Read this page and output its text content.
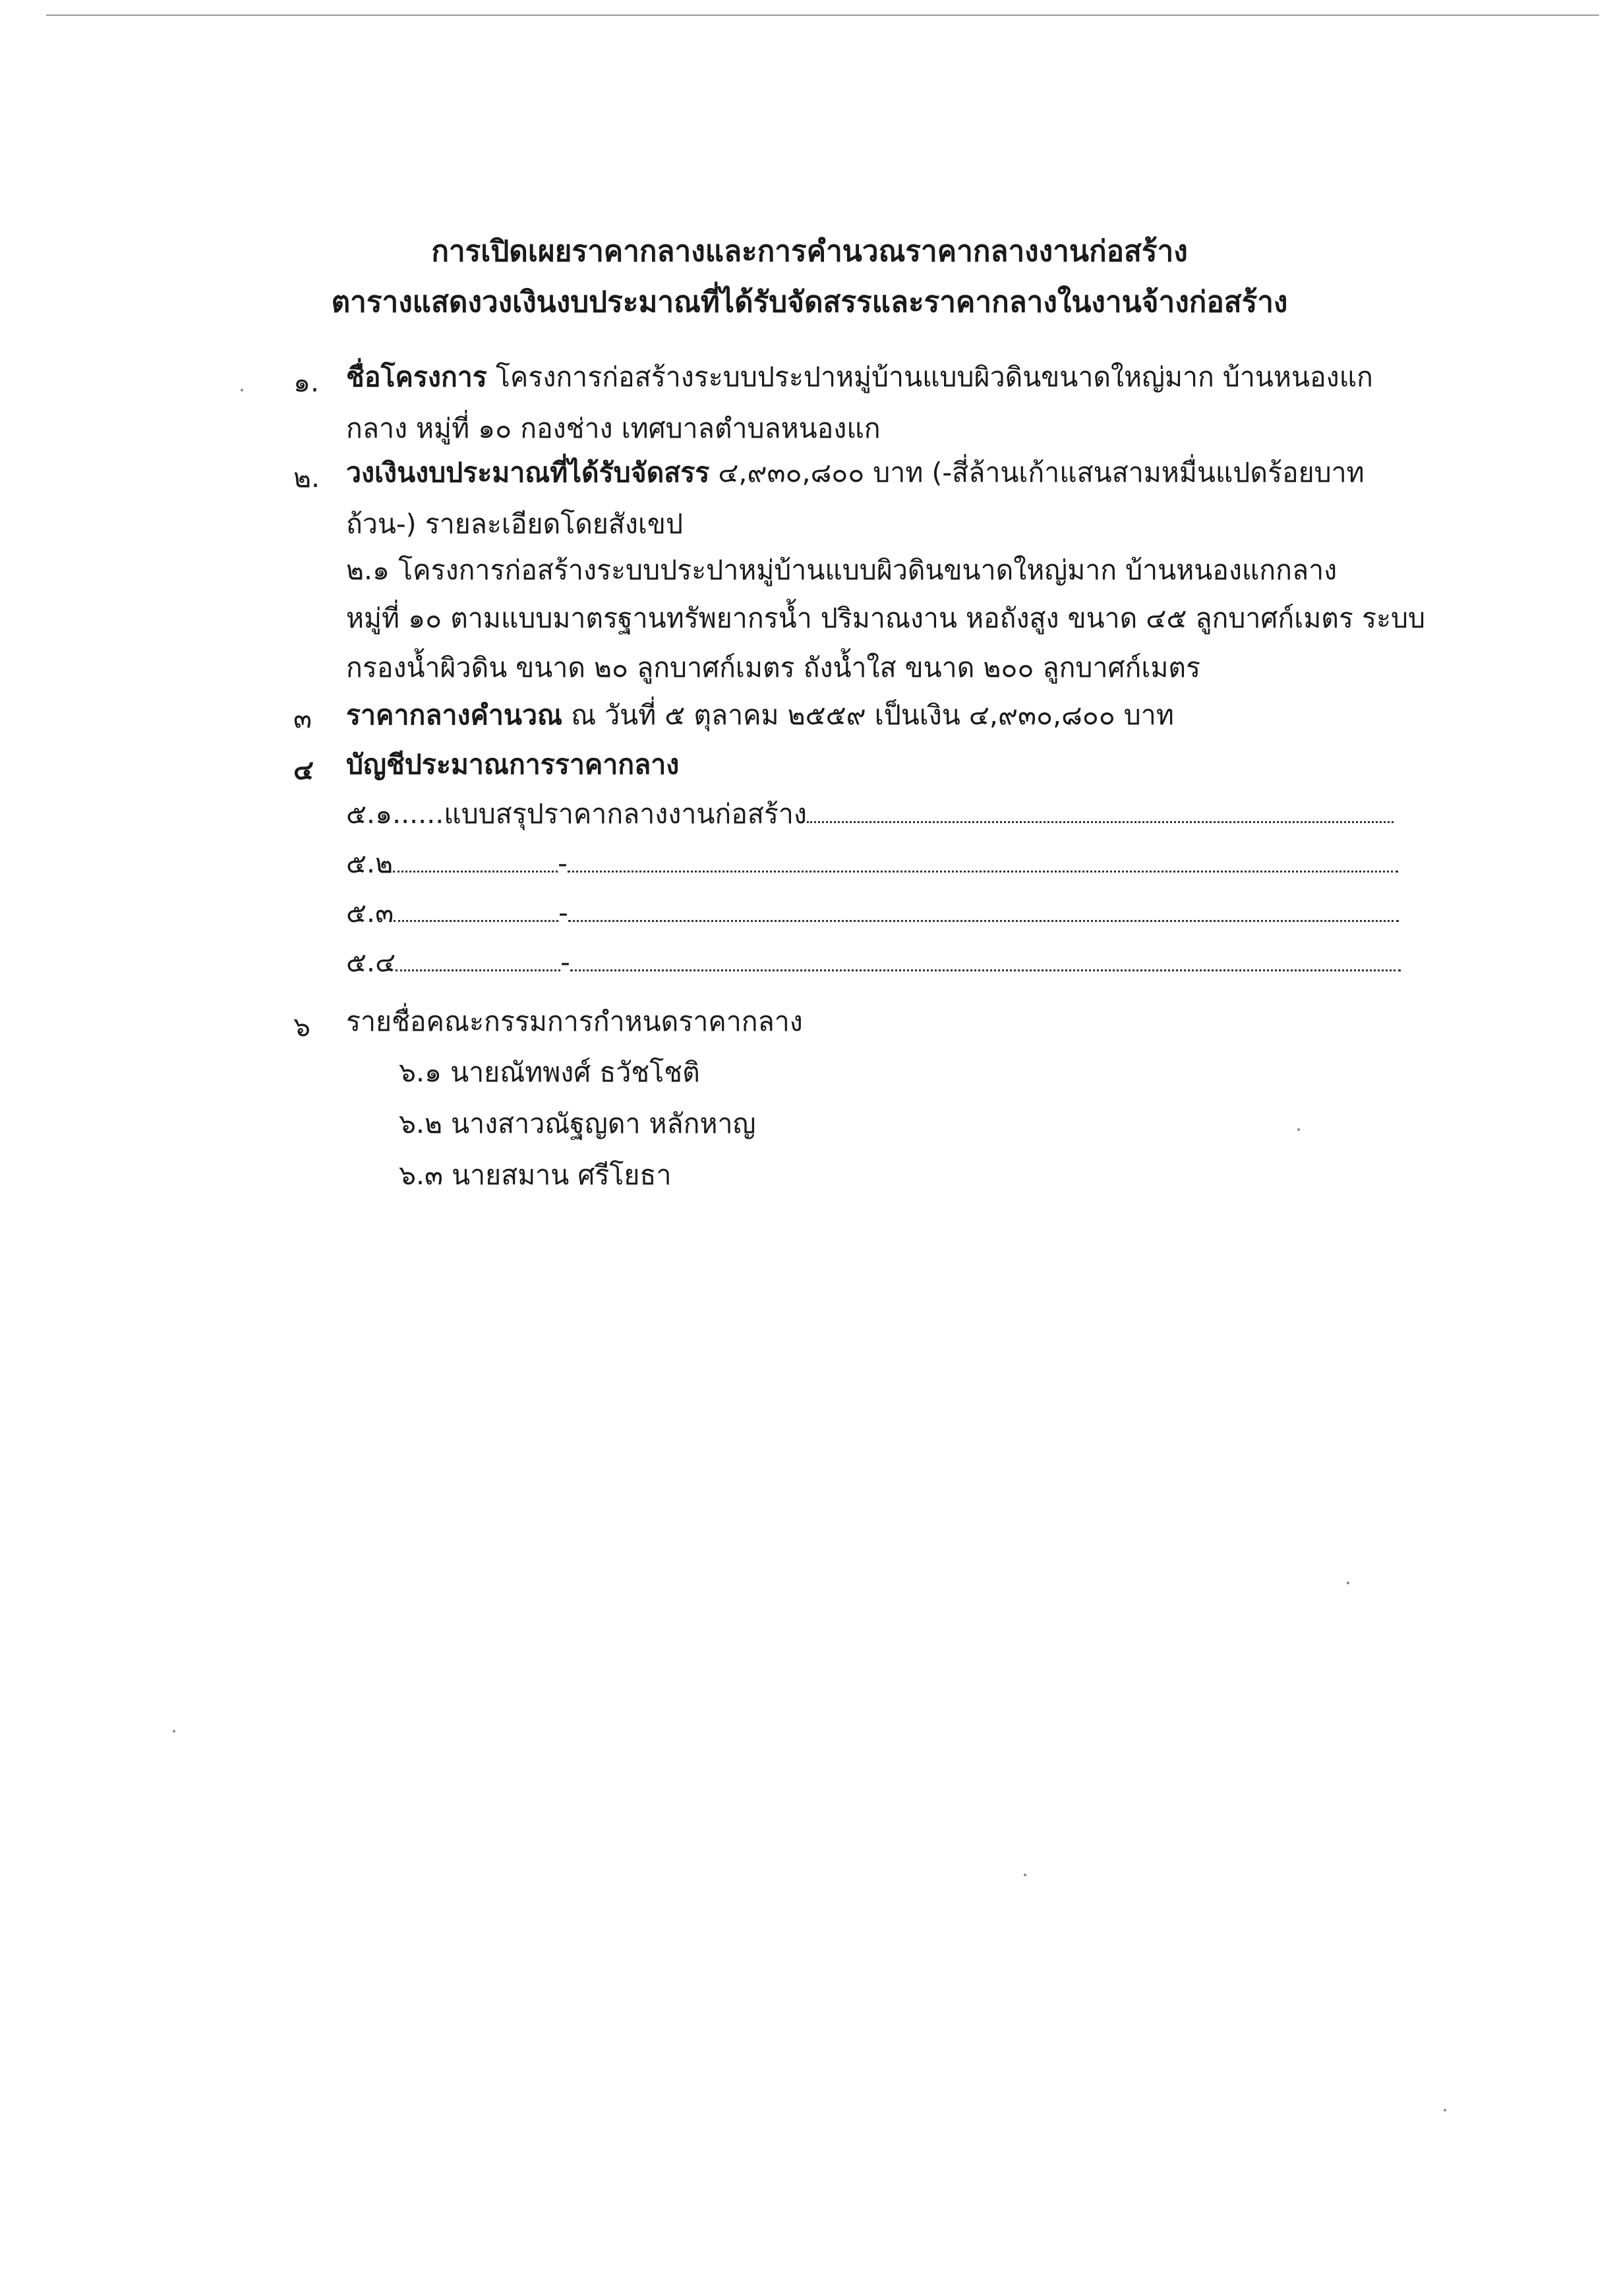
การเปิดเผยราคากลางและการคำนวณราคากลางงานก่อสร้าง
ตารางแสดงวงเงินงบประมาณที่ได้รับจัดสรรและราคากลางในงานจ้างก่อสร้าง
๑. ชื่อโครงการ โครงการก่อสร้างระบบประปาหมู่บ้านแบบผิวดินขนาดใหญ่มาก บ้านหนองแก
กลาง หมู่ที่ ๑๐ กองช่าง เทศบาลตำบลหนองแก
๒. วงเงินงบประมาณที่ได้รับจัดสรร ๔,๙๓๐,๘๐๐ บาท (-สี่ล้านเก้าแสนสามหมื่นแปดร้อยบาท
ถ้วน-) รายละเอียดโดยสังเขป
๒.๑ โครงการก่อสร้างระบบประปาหมู่บ้านแบบผิวดินขนาดใหญ่มาก บ้านหนองแกกลาง
หมู่ที่ ๑๐ ตามแบบมาตรฐานทรัพยากรน้ำ ปริมาณงาน หอถังสูง ขนาด ๔๕ ลูกบาศก์เมตร ระบบ
กรองน้ำผิวดิน ขนาด ๒๐ ลูกบาศก์เมตร ถังน้ำใส ขนาด ๒๐๐ ลูกบาศก์เมตร
๓ ราคากลางคำนวณ ณ วันที่ ๕ ตุลาคม ๒๕๕๙ เป็นเงิน ๔,๙๓๐,๘๐๐ บาท
๔ บัญชีประมาณการราคากลาง
๕.๑......แบบสรุปราคากลางงานก่อสร้าง
๕.๒	-
๕.๓	-
๕.๔	-
๖ รายชื่อคณะกรรมการกำหนดราคากลาง
๖.๑ นายณัทพงศ์ ธวัชโชติ
๖.๒ นางสาวณัฐญดา หลักหาญ
๖.๓ นายสมาน ศรีโยธา
